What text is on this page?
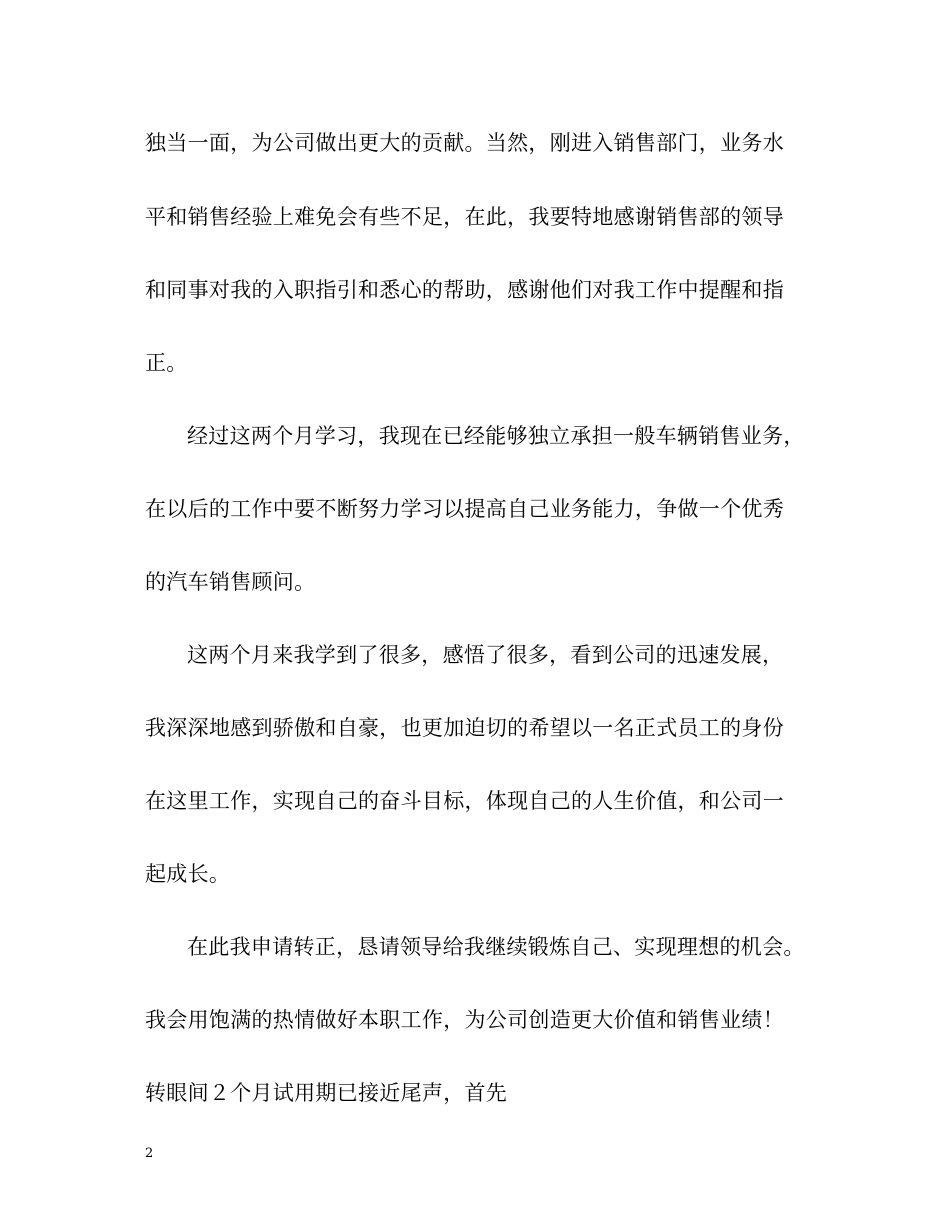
独当一面，为公司做出更大的贡献。当然，刚进入销售部门，业务水
平和销售经验上难免会有些不足，在此，我要特地感谢销售部的领导
和同事对我的入职指引和悉心的帮助，感谢他们对我工作中提醒和指
正。
经过这两个月学习，我现在已经能够独立承担一般车辆销售业务，
在以后的工作中要不断努力学习以提高自己业务能力，争做一个优秀
的汽车销售顾问。
这两个月来我学到了很多，感悟了很多，看到公司的迅速发展，
我深深地感到骄傲和自豪，也更加迫切的希望以一名正式员工的身份
在这里工作，实现自己的奋斗目标，体现自己的人生价值，和公司一
起成长。
在此我申请转正，恳请领导给我继续锻炼自己、实现理想的机会。
我会用饱满的热情做好本职工作，为公司创造更大价值和销售业绩！
转眼间２个月试用期已接近尾声，首先
2
